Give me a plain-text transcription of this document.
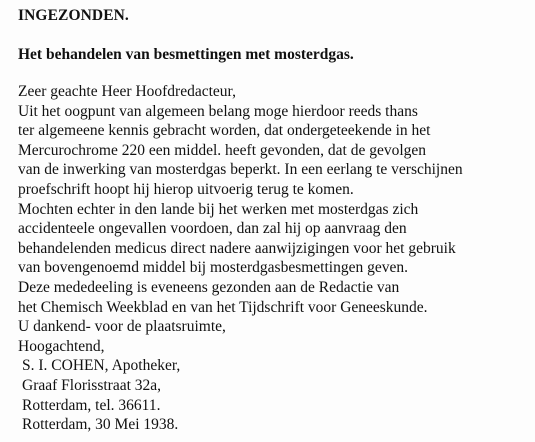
INGEZONDEN.

Het behandelen van besmettingen met mosterdgas.

Zeer geachte Heer Hoofdredacteur,
Uit het oogpunt van algemeen belang moge hierdoor reeds thans
ter algemeene kennis gebracht worden, dat ondergeteekende in het
Mercurochrome 220 een middel. heeft gevonden, dat de gevolgen
van de inwerking van mosterdgas beperkt. In een eerlang te verschijnen
proefschrift hoopt hij hierop uitvoerig terug te komen.
Mochten echter in den lande bij het werken met mosterdgas zich
accidenteele ongevallen voordoen, dan zal hij op aanvraag den
behandelenden medicus direct nadere aanwijzigingen voor het gebruik
van bovengenoemd middel bij mosterdgasbesmettingen geven.
Deze mededeeling is eveneens gezonden aan de Redactie van
het Chemisch Weekblad en van het Tijdschrift voor Geneeskunde.
U dankend- voor de plaatsruimte,
Hoogachtend,
S. I. COHEN, Apotheker,
Graaf Florisstraat 32a,
Rotterdam, tel. 36611.
Rotterdam, 30 Mei 1938.
